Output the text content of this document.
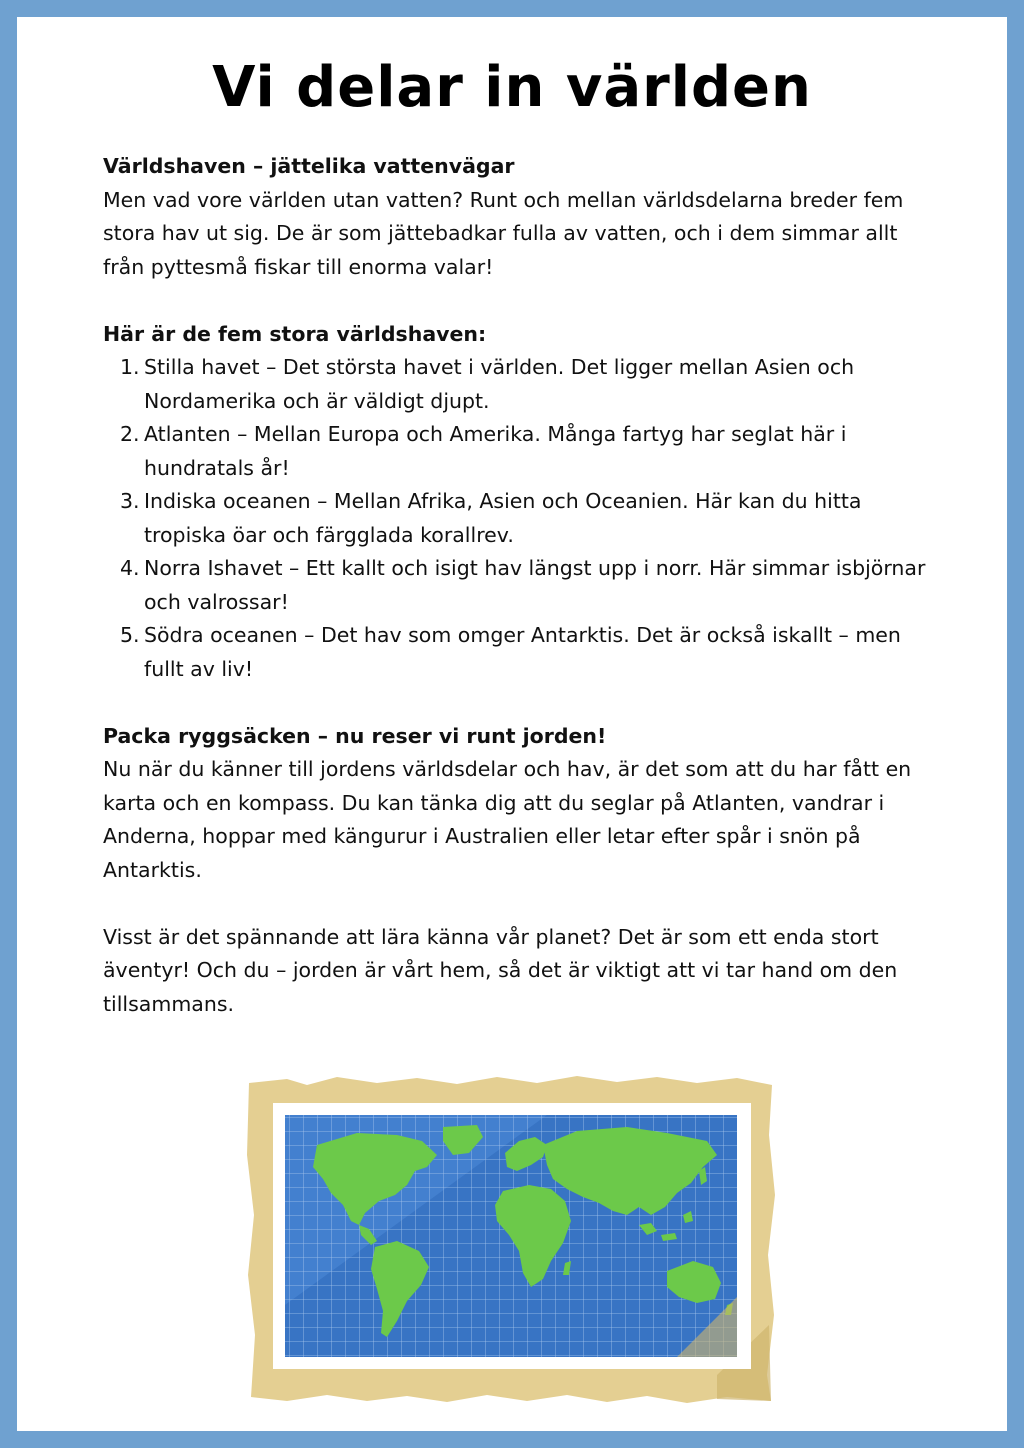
Vi delar in världen

Världshaven – jättelika vattenvägar

Men vad vore världen utan vatten? Runt och mellan världsdelarna breder fem stora hav ut sig. De är som jättebadkar fulla av vatten, och i dem simmar allt från pyttesmå fiskar till enorma valar!

Här är de fem stora världshaven:

Stilla havet – Det största havet i världen. Det ligger mellan Asien och Nordamerika och är väldigt djupt.
Atlanten – Mellan Europa och Amerika. Många fartyg har seglat här i hundratals år!
Indiska oceanen – Mellan Afrika, Asien och Oceanien. Här kan du hitta tropiska öar och färgglada korallrev.
Norra Ishavet – Ett kallt och isigt hav längst upp i norr. Här simmar isbjörnar och valrossar!
Södra oceanen – Det hav som omger Antarktis. Det är också iskallt – men fullt av liv!

Packa ryggsäcken – nu reser vi runt jorden!

Nu när du känner till jordens världsdelar och hav, är det som att du har fått en karta och en kompass. Du kan tänka dig att du seglar på Atlanten, vandrar i Anderna, hoppar med kängurur i Australien eller letar efter spår i snön på Antarktis.

Visst är det spännande att lära känna vår planet? Det är som ett enda stort äventyr! Och du – jorden är vårt hem, så det är viktigt att vi tar hand om den tillsammans.
